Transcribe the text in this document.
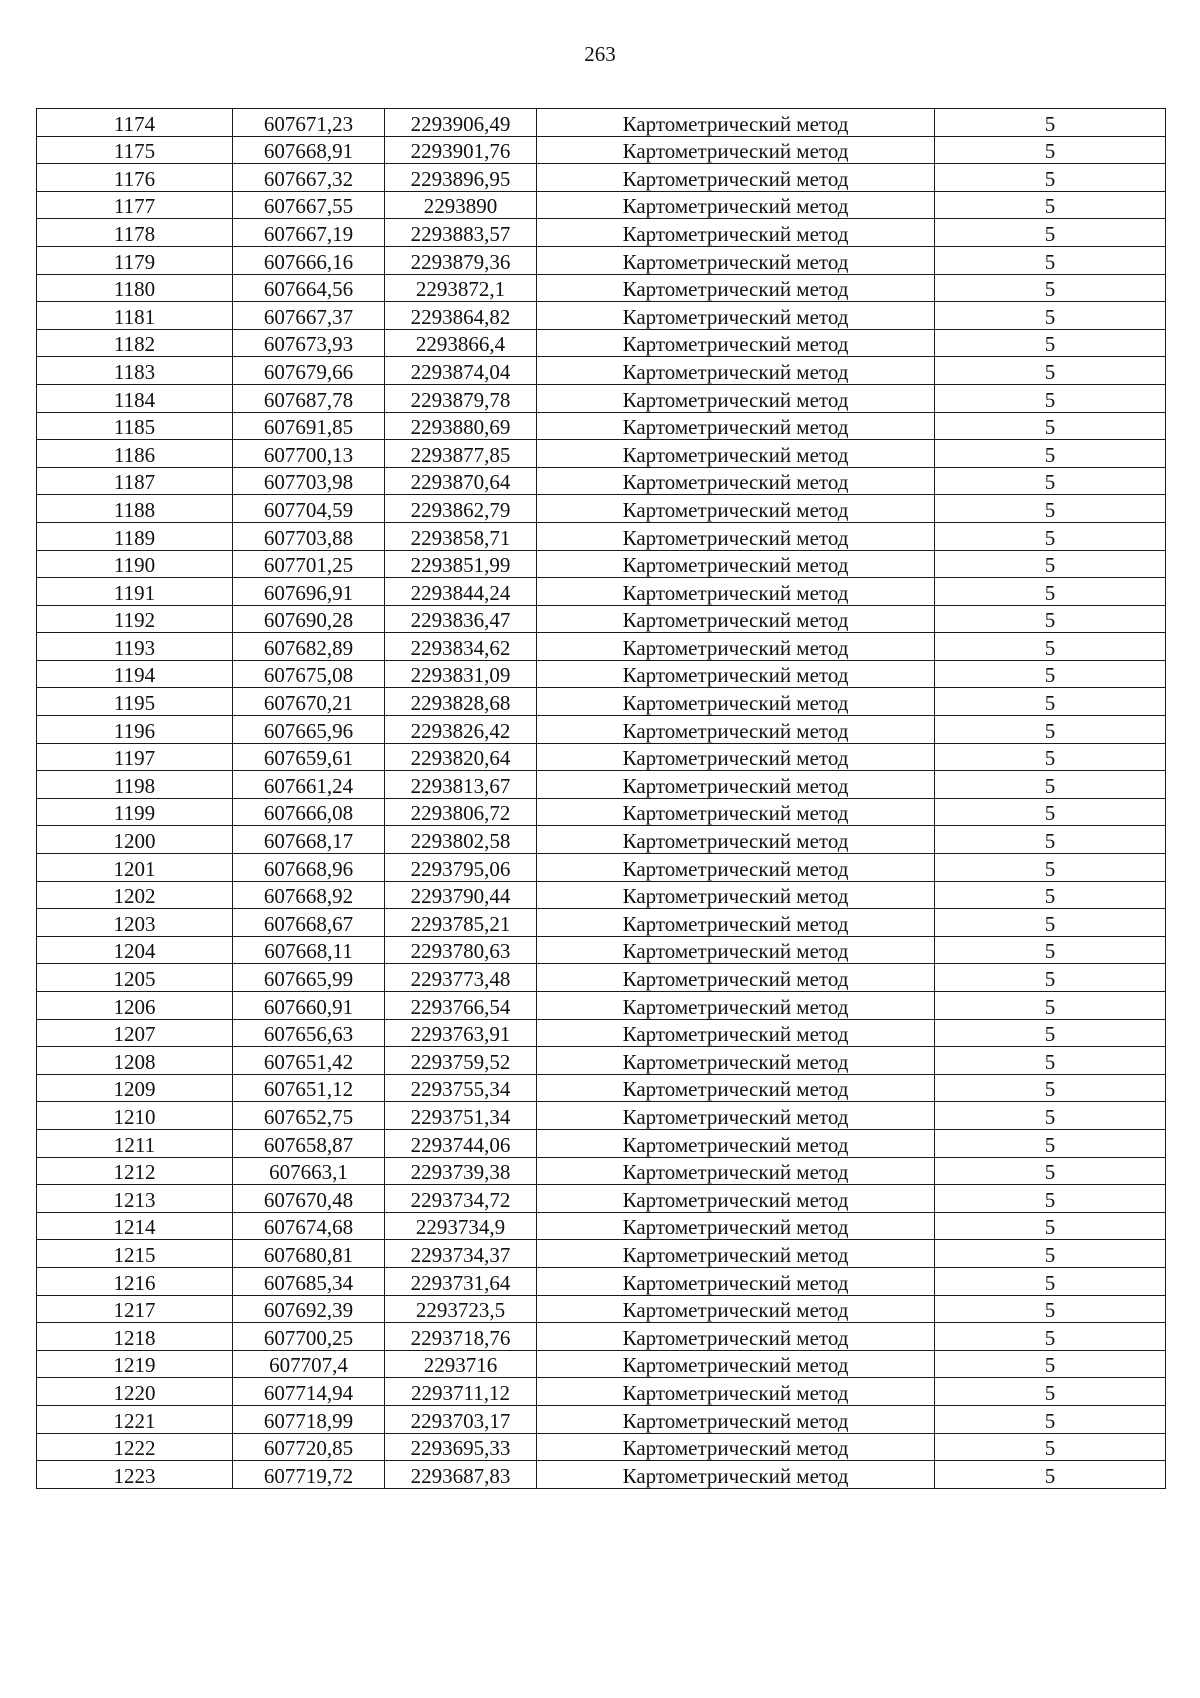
263
1174	607671,23	2293906,49	Картометрический метод	5
1175	607668,91	2293901,76	Картометрический метод	5
1176	607667,32	2293896,95	Картометрический метод	5
1177	607667,55	2293890	Картометрический метод	5
1178	607667,19	2293883,57	Картометрический метод	5
1179	607666,16	2293879,36	Картометрический метод	5
1180	607664,56	2293872,1	Картометрический метод	5
1181	607667,37	2293864,82	Картометрический метод	5
1182	607673,93	2293866,4	Картометрический метод	5
1183	607679,66	2293874,04	Картометрический метод	5
1184	607687,78	2293879,78	Картометрический метод	5
1185	607691,85	2293880,69	Картометрический метод	5
1186	607700,13	2293877,85	Картометрический метод	5
1187	607703,98	2293870,64	Картометрический метод	5
1188	607704,59	2293862,79	Картометрический метод	5
1189	607703,88	2293858,71	Картометрический метод	5
1190	607701,25	2293851,99	Картометрический метод	5
1191	607696,91	2293844,24	Картометрический метод	5
1192	607690,28	2293836,47	Картометрический метод	5
1193	607682,89	2293834,62	Картометрический метод	5
1194	607675,08	2293831,09	Картометрический метод	5
1195	607670,21	2293828,68	Картометрический метод	5
1196	607665,96	2293826,42	Картометрический метод	5
1197	607659,61	2293820,64	Картометрический метод	5
1198	607661,24	2293813,67	Картометрический метод	5
1199	607666,08	2293806,72	Картометрический метод	5
1200	607668,17	2293802,58	Картометрический метод	5
1201	607668,96	2293795,06	Картометрический метод	5
1202	607668,92	2293790,44	Картометрический метод	5
1203	607668,67	2293785,21	Картометрический метод	5
1204	607668,11	2293780,63	Картометрический метод	5
1205	607665,99	2293773,48	Картометрический метод	5
1206	607660,91	2293766,54	Картометрический метод	5
1207	607656,63	2293763,91	Картометрический метод	5
1208	607651,42	2293759,52	Картометрический метод	5
1209	607651,12	2293755,34	Картометрический метод	5
1210	607652,75	2293751,34	Картометрический метод	5
1211	607658,87	2293744,06	Картометрический метод	5
1212	607663,1	2293739,38	Картометрический метод	5
1213	607670,48	2293734,72	Картометрический метод	5
1214	607674,68	2293734,9	Картометрический метод	5
1215	607680,81	2293734,37	Картометрический метод	5
1216	607685,34	2293731,64	Картометрический метод	5
1217	607692,39	2293723,5	Картометрический метод	5
1218	607700,25	2293718,76	Картометрический метод	5
1219	607707,4	2293716	Картометрический метод	5
1220	607714,94	2293711,12	Картометрический метод	5
1221	607718,99	2293703,17	Картометрический метод	5
1222	607720,85	2293695,33	Картометрический метод	5
1223	607719,72	2293687,83	Картометрический метод	5
